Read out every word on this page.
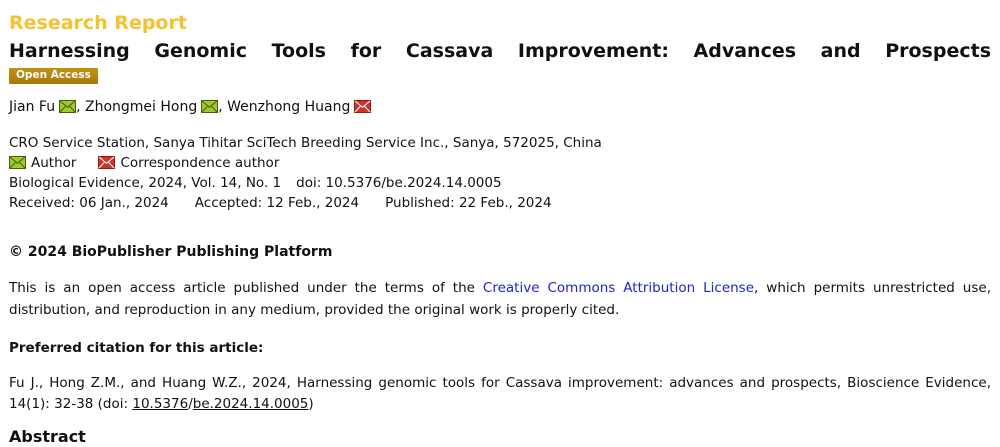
Research Report
Harnessing Genomic Tools for Cassava Improvement: Advances and Prospects
Open Access
Jian Fu , Zhongmei Hong , Wenzhong Huang
CRO Service Station, Sanya Tihitar SciTech Breeding Service Inc., Sanya, 572025, China
Author	Correspondence author
Biological Evidence, 2024, Vol. 14, No. 1 doi: 10.5376/be.2024.14.0005
Received: 06 Jan., 2024 Accepted: 12 Feb., 2024 Published: 22 Feb., 2024
© 2024 BioPublisher Publishing Platform
This is an open access article published under the terms of the Creative Commons Attribution License, which permits unrestricted use, distribution, and reproduction in any medium, provided the original work is properly cited.
Preferred citation for this article:
Fu J., Hong Z.M., and Huang W.Z., 2024, Harnessing genomic tools for Cassava improvement: advances and prospects, Bioscience Evidence, 14(1): 32-38 (doi: 10.5376/be.2024.14.0005)
Abstract
